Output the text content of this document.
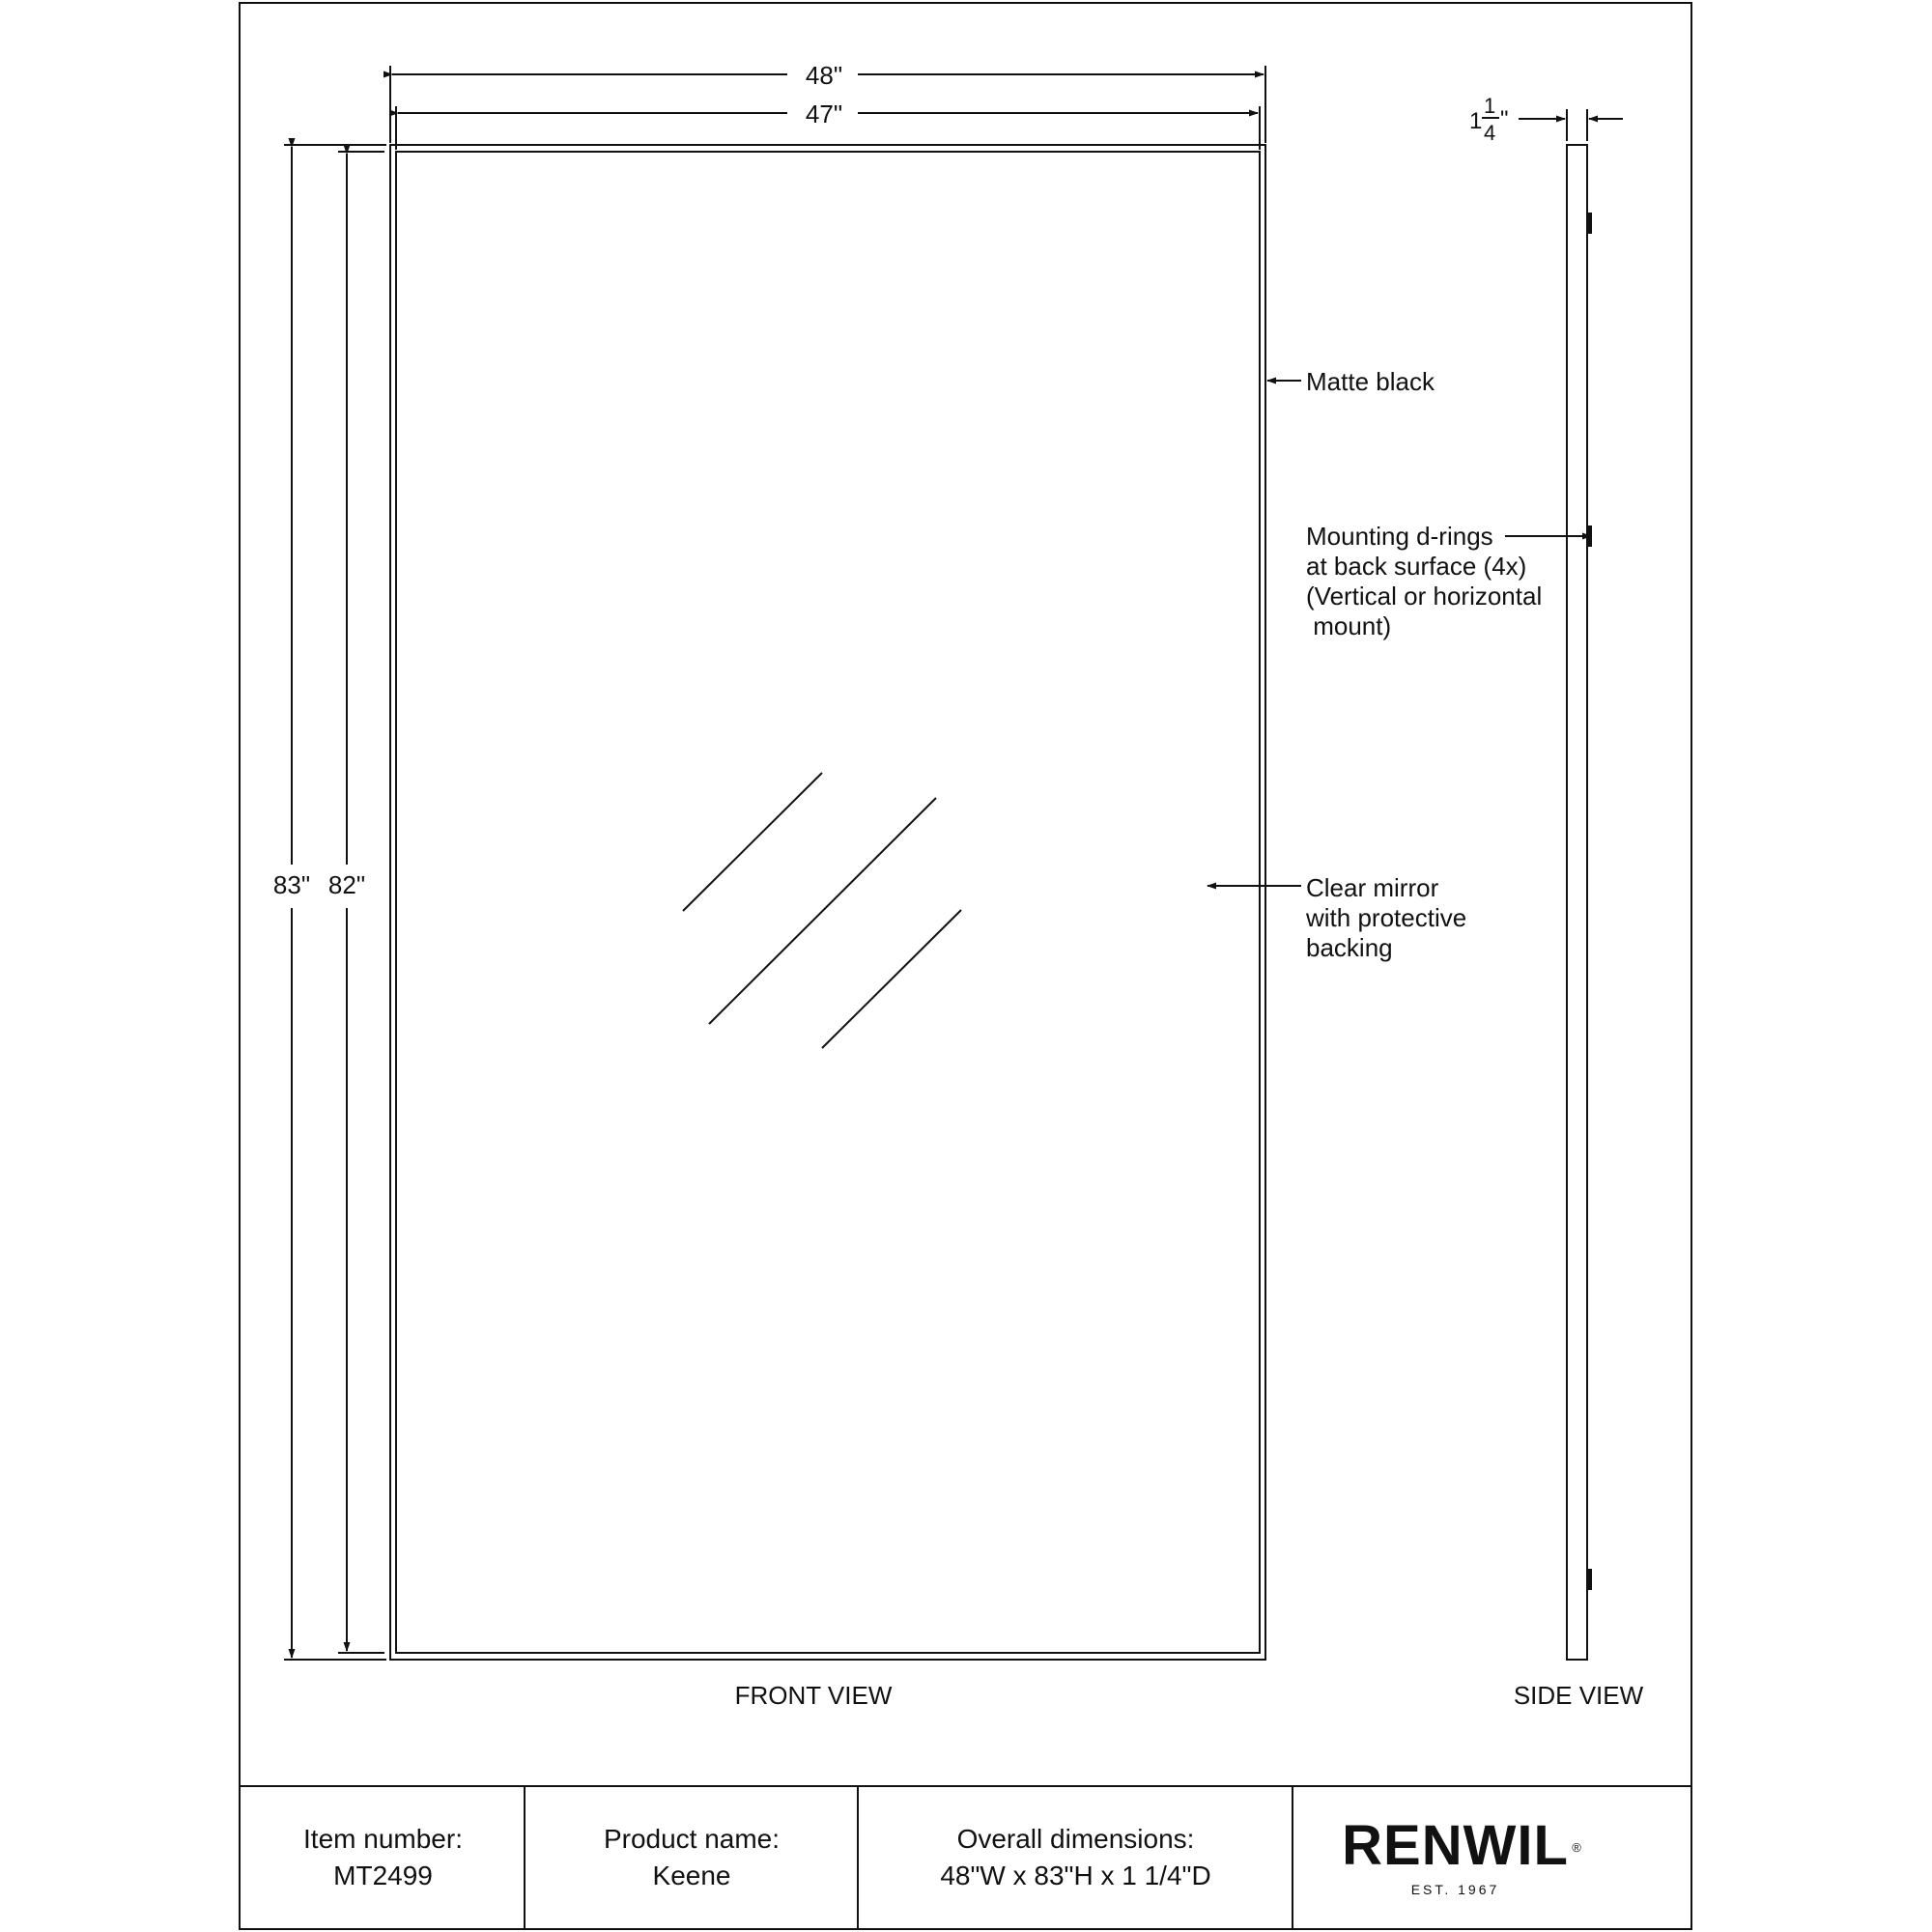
48"
47"
83" 82"
1
1
4
"
FRONT VIEW	SIDE VIEW
Matte black
Mounting d-rings at back surface (4x) (Vertical or horizontal  mount)
Clear mirror with protective backing
Item number:
MT2499
Product name:
Keene
Overall dimensions:
48"W x 83"H x 1 1/4"D RENWIL ®
EST. 1967
